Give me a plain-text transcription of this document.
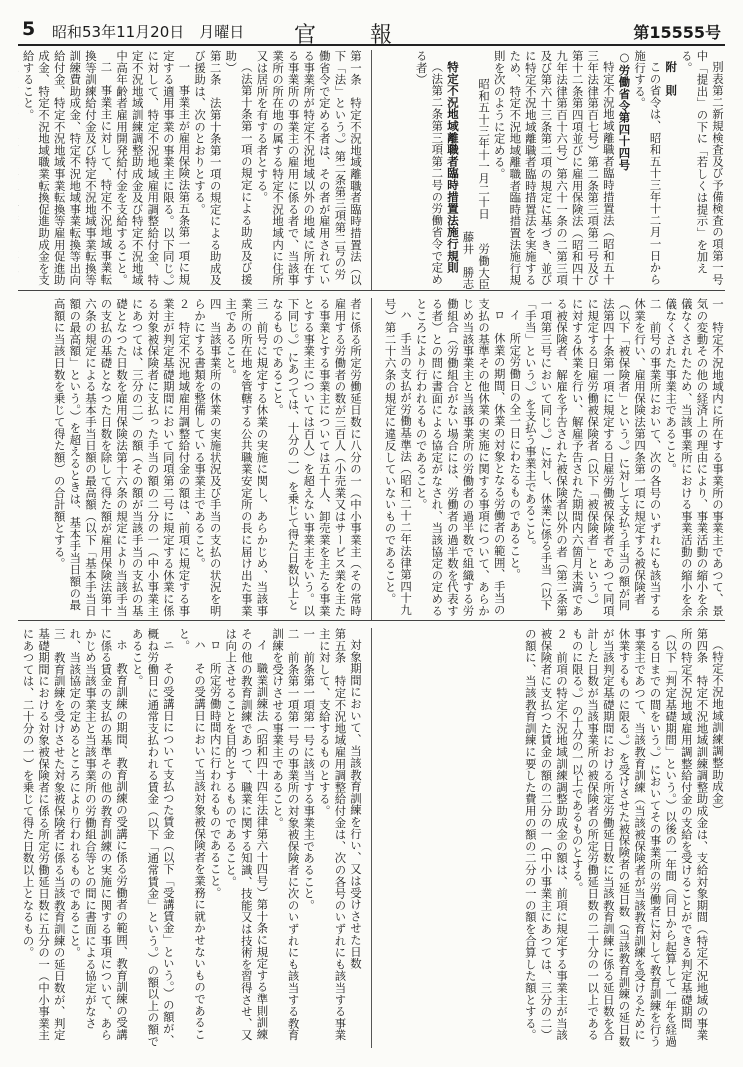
5 昭和53年11月20日　月曜日 官　報	第15555号

別表第二新規検査及び予備検査の項第一号中「提出」の下に「若しくは提示」を加える。

附　則

この省令は、昭和五十三年十二月一日から施行する。

○労働省令第四十四号

特定不況地域離職者臨時措置法（昭和五十三年法律第百七号）第二条第三項第二号及び第十二条第四項並びに雇用保険法（昭和四十九年法律第百十六号）第六十一条の二第三項及び第六十三条第二項の規定に基づき、並びに特定不況地域離職者臨時措置法を実施するため、特定不況地域離職者臨時措置法施行規則を次のように定める。

昭和五十三年十一月二十日　　労働大臣　藤井　勝志

特定不況地域離職者臨時措置法施行規則

（法第二条第三項第二号の労働省令で定める者）

第一条　特定不況地域離職者臨時措置法（以下「法」という。）第二条第三項第二号の労働省令で定める者は、その者が雇用されている事業所が特定不況地域以外の地域に所在する事業所の事業主の雇用に係る者で、当該事業所の所在地の属する特定不況地域内に住所又は居所を有する者とする。

（法第十条第一項の規定による助成及び援助）

第二条　法第十条第一項の規定による助成及び援助は、次のとおりとする。

一　事業主が雇用保険法第五条第一項に規定する適用事業の事業主に限る。以下同じ。）に対して、特定不況地域雇用調整給付金、特定不況地域訓練調整助成金及び特定不況地域中高年齢者雇用開発給付金を支給すること。

二　事業主に対して、特定不況地域事業転換等訓練給付金及び特定不況地域事業転換等訓練費助成金、特定不況地域事業転換等出向給付金、特定不況地域事業転換等雇用促進助成金、特定不況地域職業転換促進助成金を支給すること。

一　特定不況地域内に所在する事業所の事業主であつて、景気の変動その他の経済上の理由により、事業活動の縮小を余儀なくされたため、当該事業所における事業活動の縮小を余儀なくされた事業主であること。

二　前号の事業所において、次の各号のいずれにも該当する休業を行い、雇用保険法第四条第一項に規定する被保険者（以下「被保険者」という。）に対して支払う手当の額が同法第四十条第一項に規定する日雇労働被保険者であつて同項に規定する日雇労働被保険者（以下「被保険者」という。）に対する休業を行い、解雇予告された期間内六箇月未満である被保険者、解雇を予告された被保険者以外の者（第二条第一項第三号において同じ。）に対し、休業に係る手当（以下「手当」という。）を支払う事業主であること。

イ　所定労働日の全一日にわたるものであること。

ロ　休業の期間、休業の対象となる労働者の範囲、手当の支払の基準その他休業の実施に関する事項について、あらかじめ当該事業主と当該事業所の労働者の過半数で組織する労働組合（労働組合がない場合には、労働者の過半数を代表する者）との間に書面による協定がなされ、当該協定の定めるところにより行われるものであること。

ハ　手当の支払が労働基準法（昭和二十二年法律第四十九号）第二十六条の規定に違反していないものであること。

者に係る所定労働延日数に八分の一（中小事業主（その常時雇用する労働者の数が三百人（小売業又はサービス業を主たる事業とする事業主については五十人、卸売業を主たる事業とする事業主については百人）を超えない事業主をいう。以下同じ。）にあつては、十分の一）を乗じて得た日数以上となるものであること。

三　前号に規定する休業の実施に関し、あらかじめ、当該事業所の所在地を管轄する公共職業安定所の長に届け出た事業主であること。

四　当該事業所の休業の実施状況及び手当の支払の状況を明らかにする書類を整備している事業主であること。

２　特定不況地域雇用調整給付金の額は、前項に規定する事業主が判定基礎期間において同項第二号に規定する休業に係る対象被保険者に支払った手当の額の二分の一（中小事業主にあつては、三分の二）の額（その額が当該手当の支払の基礎となつた日数を雇用保険法第十六条の規定により当該手当の支払の基礎となつた日数を除して得た額が雇用保険法第十六条の規定による基本手当日額の最高額（以下「基本手当日額の最高額」という。）を超えるときは、基本手当日額の最高額に当該日数を乗じて得た額）の合計額とする。

（特定不況地域訓練調整助成金）

第四条　特定不況地域訓練調整助成金は、支給対象期間（特定不況地域の事業所の特定不況地域雇用調整給付金の支給を受けることができる判定基礎期間（以下「判定基礎期間」という。）以後の一年間（同日から起算して一年を経過する日までの間をいう。）においてその事業所の労働者に対して教育訓練を行う事業主であつて、当該教育訓練（当該被保険者が当該教育訓練を受けるために休業するものに限る。）を受けさせた被保険者の延日数（当該教育訓練の延日数が当該判定基礎期間における所定労働延日数に当該教育訓練に係る延日数を合計した日数が当該事業所の被保険者の所定労働延日数の二十分の一以上であるものに限る。）の十分の一以上であるものとする。

２　前項の特定不況地域訓練調整助成金の額は、前項に規定する事業主が当該被保険者に支払つた賃金の額の二分の一（中小事業主にあつては、三分の二）の額に、当該教育訓練に要した費用の額の二分の一の額を合算した額とする。

対象期間において、当該教育訓練を行い、又は受けさせた日数

第五条　特定不況地域雇用調整給付金は、次の各号のいずれにも該当する事業主に対して、支給するものとする。

一　前条第一項第一号に該当する事業主であること。

二　前条第一項第一号の事業所の対象被保険者に次のいずれにも該当する教育訓練を受けさせる事業主であること。

イ　職業訓練法（昭和四十四年法律第六十四号）第十条に規定する準則訓練その他の教育訓練であつて、職業に関する知識、技能又は技術を習得させ、又は向上させることを目的とするものであること。

ロ　所定労働時間内に行われるものであること。

ハ　その受講日において当該対象被保険者を業務に就かせないものであること。

ニ　その受講日について支払つた賃金（以下「受講賃金」という。）の額が、概ね労働日に通常支払われる賃金（以下「通常賃金」という。）の額以上の額であること。

ホ　教育訓練の期間、教育訓練の受講に係る労働者の範囲、教育訓練の受講に係る賃金の支払の基準その他の教育訓練の実施に関する事項について、あらかじめ当該事業主と当該事業所の労働組合等との間に書面による協定がなされ、当該協定の定めるところにより行われるものであること。

三　教育訓練を受けさせた対象被保険者に係る当該教育訓練の延日数が、判定基礎期間における対象被保険者に係る所定労働延日数に五分の一（中小事業主にあつては、二十分の一）を乗じて得た日数以上となるもの。
